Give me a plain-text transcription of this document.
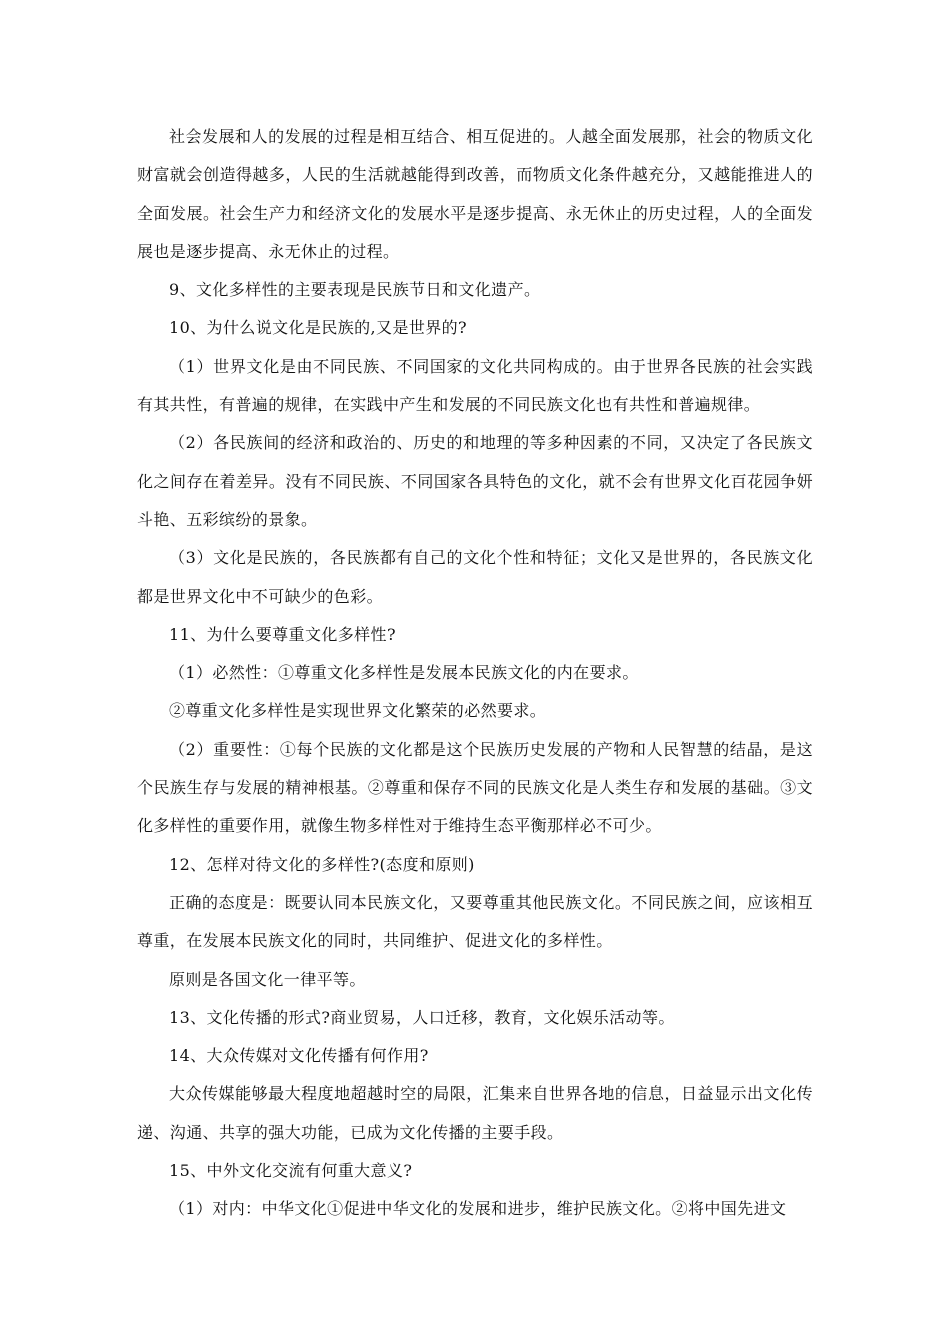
社会发展和人的发展的过程是相互结合、相互促进的。人越全面发展那，社会的物质文化财富就会创造得越多，人民的生活就越能得到改善，而物质文化条件越充分，又越能推进人的全面发展。社会生产力和经济文化的发展水平是逐步提高、永无休止的历史过程，人的全面发展也是逐步提高、永无休止的过程。

9、文化多样性的主要表现是民族节日和文化遗产。

10、为什么说文化是民族的,又是世界的?

（1）世界文化是由不同民族、不同国家的文化共同构成的。由于世界各民族的社会实践有其共性，有普遍的规律，在实践中产生和发展的不同民族文化也有共性和普遍规律。

（2）各民族间的经济和政治的、历史的和地理的等多种因素的不同，又决定了各民族文化之间存在着差异。没有不同民族、不同国家各具特色的文化，就不会有世界文化百花园争妍斗艳、五彩缤纷的景象。

（3）文化是民族的，各民族都有自己的文化个性和特征；文化又是世界的，各民族文化都是世界文化中不可缺少的色彩。

11、为什么要尊重文化多样性?

（1）必然性：①尊重文化多样性是发展本民族文化的内在要求。

②尊重文化多样性是实现世界文化繁荣的必然要求。

（2）重要性：①每个民族的文化都是这个民族历史发展的产物和人民智慧的结晶，是这个民族生存与发展的精神根基。②尊重和保存不同的民族文化是人类生存和发展的基础。③文化多样性的重要作用，就像生物多样性对于维持生态平衡那样必不可少。

12、怎样对待文化的多样性?(态度和原则)

正确的态度是：既要认同本民族文化，又要尊重其他民族文化。不同民族之间，应该相互尊重，在发展本民族文化的同时，共同维护、促进文化的多样性。

原则是各国文化一律平等。

13、文化传播的形式?商业贸易，人口迁移，教育，文化娱乐活动等。

14、大众传媒对文化传播有何作用?

大众传媒能够最大程度地超越时空的局限，汇集来自世界各地的信息，日益显示出文化传递、沟通、共享的强大功能，已成为文化传播的主要手段。

15、中外文化交流有何重大意义?

（1）对内：中华文化①促进中华文化的发展和进步，维护民族文化。②将中国先进文
